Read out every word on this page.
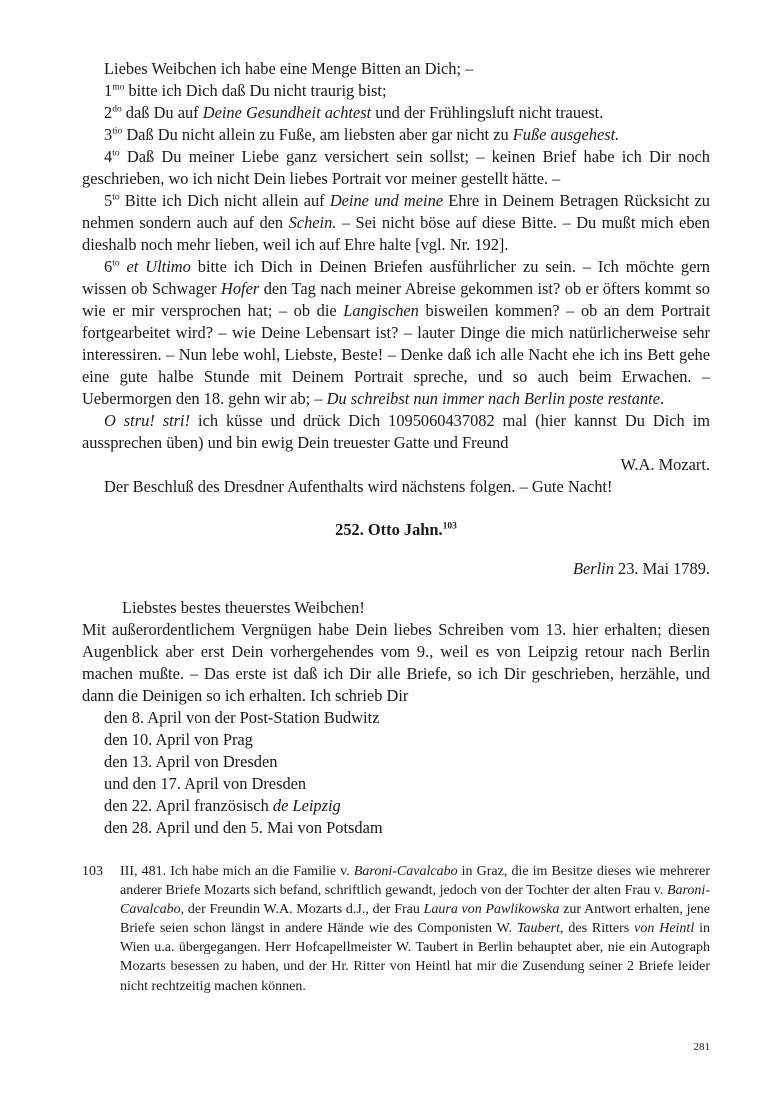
Liebes Weibchen ich habe eine Menge Bitten an Dich; –

$1^{mo}$ bitte ich Dich daß Du nicht traurig bist;

$2^{do}$ daß Du auf Deine Gesundheit achtest und der Frühlingsluft nicht trauest.

$3^{tio}$ Daß Du nicht allein zu Fuße, am liebsten aber gar nicht zu Fuße ausgehest.

$4^{to}$ Daß Du meiner Liebe ganz versichert sein sollst; – keinen Brief habe ich Dir noch geschrieben, wo ich nicht Dein liebes Portrait vor meiner gestellt hätte. –

$5^{to}$ Bitte ich Dich nicht allein auf Deine und meine Ehre in Deinem Betragen Rücksicht zu nehmen sondern auch auf den Schein. – Sei nicht böse auf diese Bitte. – Du mußt mich eben dieshalb noch mehr lieben, weil ich auf Ehre halte [vgl. Nr. 192].

$6^{to}$ et Ultimo bitte ich Dich in Deinen Briefen ausführlicher zu sein. – Ich möchte gern wissen ob Schwager Hofer den Tag nach meiner Abreise gekommen ist? ob er öfters kommt so wie er mir versprochen hat; – ob die Langischen bisweilen kommen? – ob an dem Portrait fortgearbeitet wird? – wie Deine Lebensart ist? – lauter Dinge die mich natürlicherweise sehr interessiren. – Nun lebe wohl, Liebste, Beste! – Denke daß ich alle Nacht ehe ich ins Bett gehe eine gute halbe Stunde mit Deinem Portrait spreche, und so auch beim Erwachen. – Uebermorgen den 18. gehn wir ab; – Du schreibst nun immer nach Berlin poste restante.

O stru! stri! ich küsse und drück Dich 1095060437082 mal (hier kannst Du Dich im aussprechen üben) und bin ewig Dein treuester Gatte und Freund

W.A. Mozart.

Der Beschluß des Dresdner Aufenthalts wird nächstens folgen. – Gute Nacht!

252. Otto Jahn.$^{103}$

Berlin 23. Mai 1789.

Liebstes bestes theuerstes Weibchen!

Mit außerordentlichem Vergnügen habe Dein liebes Schreiben vom 13. hier erhalten; diesen Augenblick aber erst Dein vorhergehendes vom 9., weil es von Leipzig retour nach Berlin machen mußte. – Das erste ist daß ich Dir alle Briefe, so ich Dir geschrieben, herzähle, und dann die Deinigen so ich erhalten. Ich schrieb Dir

den 8. April von der Post-Station Budwitz

den 10. April von Prag

den 13. April von Dresden

und den 17. April von Dresden

den 22. April französisch de Leipzig

den 28. April und den 5. Mai von Potsdam

103	III, 481. Ich habe mich an die Familie v. Baroni-Cavalcabo in Graz, die im Besitze dieses wie mehrerer anderer Briefe Mozarts sich befand, schriftlich gewandt, jedoch von der Tochter der alten Frau v. Baroni-Cavalcabo, der Freundin W.A. Mozarts d.J., der Frau Laura von Pawlikowska zur Antwort erhalten, jene Briefe seien schon längst in andere Hände wie des Componisten W. Taubert, des Ritters von Heintl in Wien u.a. übergegangen. Herr Hofcapellmeister W. Taubert in Berlin behauptet aber, nie ein Autograph Mozarts besessen zu haben, und der Hr. Ritter von Heintl hat mir die Zusendung seiner 2 Briefe leider nicht rechtzeitig machen können.
281
